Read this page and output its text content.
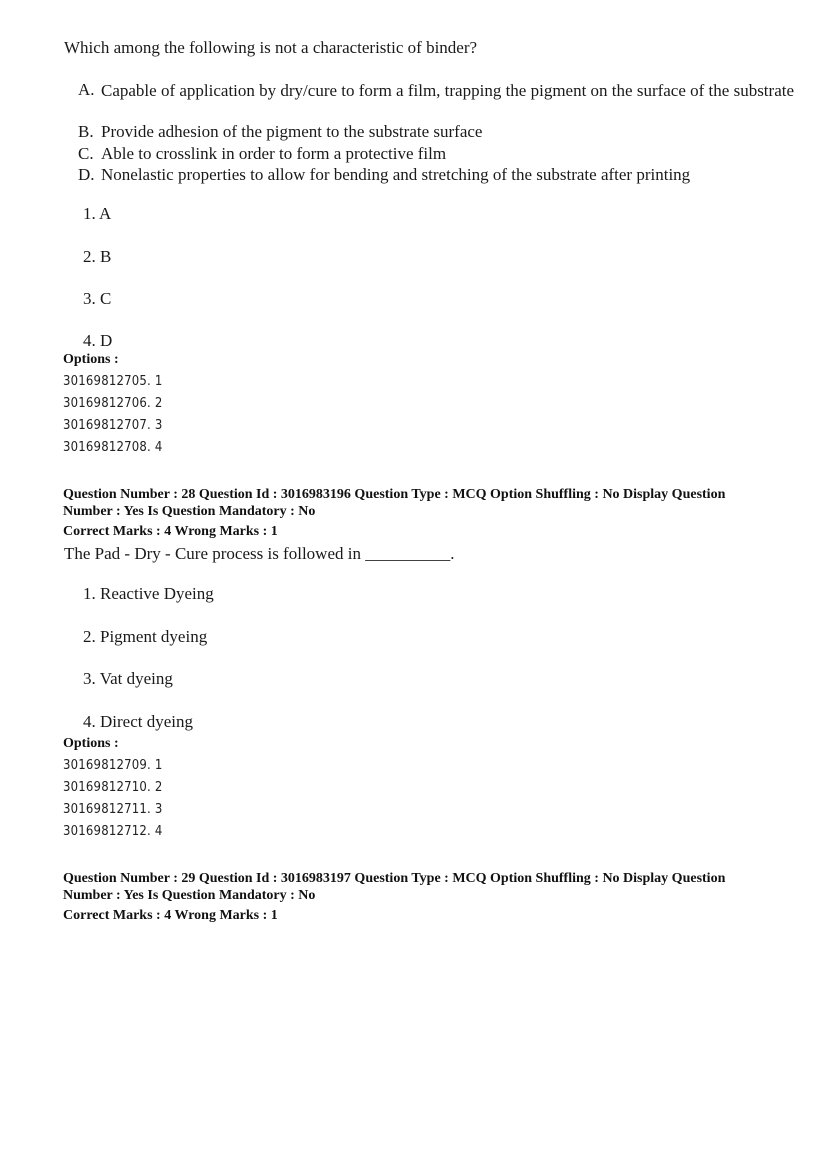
Which among the following is not a characteristic of binder?
A. Capable of application by dry/cure to form a film, trapping the pigment on the surface of the substrate
B. Provide adhesion of the pigment to the substrate surface
C. Able to crosslink in order to form a protective film
D. Nonelastic properties to allow for bending and stretching of the substrate after printing
1. A
2. B
3. C
4. D
Options :
30169812705. 1
30169812706. 2
30169812707. 3
30169812708. 4
Question Number : 28 Question Id : 3016983196 Question Type : MCQ Option Shuffling : No Display Question
Number : Yes Is Question Mandatory : No
Correct Marks : 4 Wrong Marks : 1
The Pad - Dry - Cure process is followed in __________.
1. Reactive Dyeing
2. Pigment dyeing
3. Vat dyeing
4. Direct dyeing
Options :
30169812709. 1
30169812710. 2
30169812711. 3
30169812712. 4
Question Number : 29 Question Id : 3016983197 Question Type : MCQ Option Shuffling : No Display Question
Number : Yes Is Question Mandatory : No
Correct Marks : 4 Wrong Marks : 1
